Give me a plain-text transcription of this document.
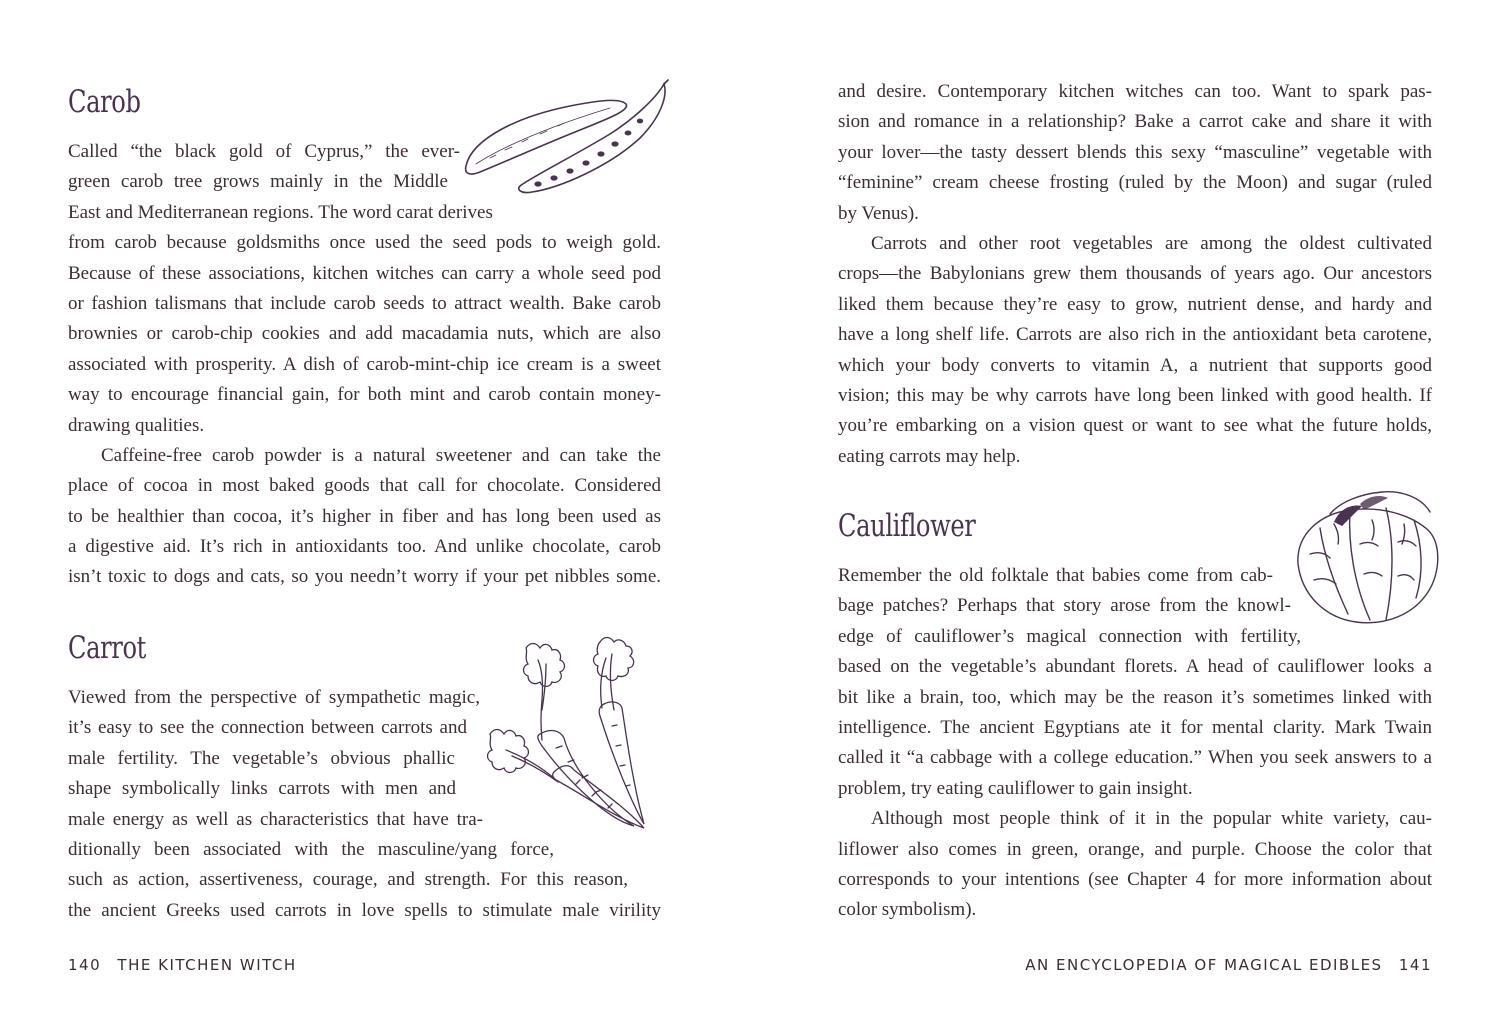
Carob
Called “the black gold of Cyprus,” the ever-
green carob tree grows mainly in the Middle
East and Mediterranean regions. The word carat derives
from carob because goldsmiths once used the seed pods to weigh gold.
Because of these associations, kitchen witches can carry a whole seed pod
or fashion talismans that include carob seeds to attract wealth. Bake carob
brownies or carob-chip cookies and add macadamia nuts, which are also
associated with prosperity. A dish of carob-mint-chip ice cream is a sweet
way to encourage financial gain, for both mint and carob contain money-
drawing qualities.
Caffeine-free carob powder is a natural sweetener and can take the
place of cocoa in most baked goods that call for chocolate. Considered
to be healthier than cocoa, it’s higher in fiber and has long been used as
a digestive aid. It’s rich in antioxidants too. And unlike chocolate, carob
isn’t toxic to dogs and cats, so you needn’t worry if your pet nibbles some.
Carrot
Viewed from the perspective of sympathetic magic,
it’s easy to see the connection between carrots and
male fertility. The vegetable’s obvious phallic
shape symbolically links carrots with men and
male energy as well as characteristics that have tra-
ditionally been associated with the masculine/yang force,
such as action, assertiveness, courage, and strength. For this reason,
the ancient Greeks used carrots in love spells to stimulate male virility
140 THE KITCHEN WITCH
and desire. Contemporary kitchen witches can too. Want to spark pas-
sion and romance in a relationship? Bake a carrot cake and share it with
your lover—the tasty dessert blends this sexy “masculine” vegetable with
“feminine” cream cheese frosting (ruled by the Moon) and sugar (ruled
by Venus).
Carrots and other root vegetables are among the oldest cultivated
crops—the Babylonians grew them thousands of years ago. Our ancestors
liked them because they’re easy to grow, nutrient dense, and hardy and
have a long shelf life. Carrots are also rich in the antioxidant beta carotene,
which your body converts to vitamin A, a nutrient that supports good
vision; this may be why carrots have long been linked with good health. If
you’re embarking on a vision quest or want to see what the future holds,
eating carrots may help.
Cauliflower
Remember the old folktale that babies come from cab-
bage patches? Perhaps that story arose from the knowl-
edge of cauliflower’s magical connection with fertility,
based on the vegetable’s abundant florets. A head of cauliflower looks a
bit like a brain, too, which may be the reason it’s sometimes linked with
intelligence. The ancient Egyptians ate it for mental clarity. Mark Twain
called it “a cabbage with a college education.” When you seek answers to a
problem, try eating cauliflower to gain insight.
Although most people think of it in the popular white variety, cau-
liflower also comes in green, orange, and purple. Choose the color that
corresponds to your intentions (see Chapter 4 for more information about
color symbolism).
AN ENCYCLOPEDIA OF MAGICAL EDIBLES 141
